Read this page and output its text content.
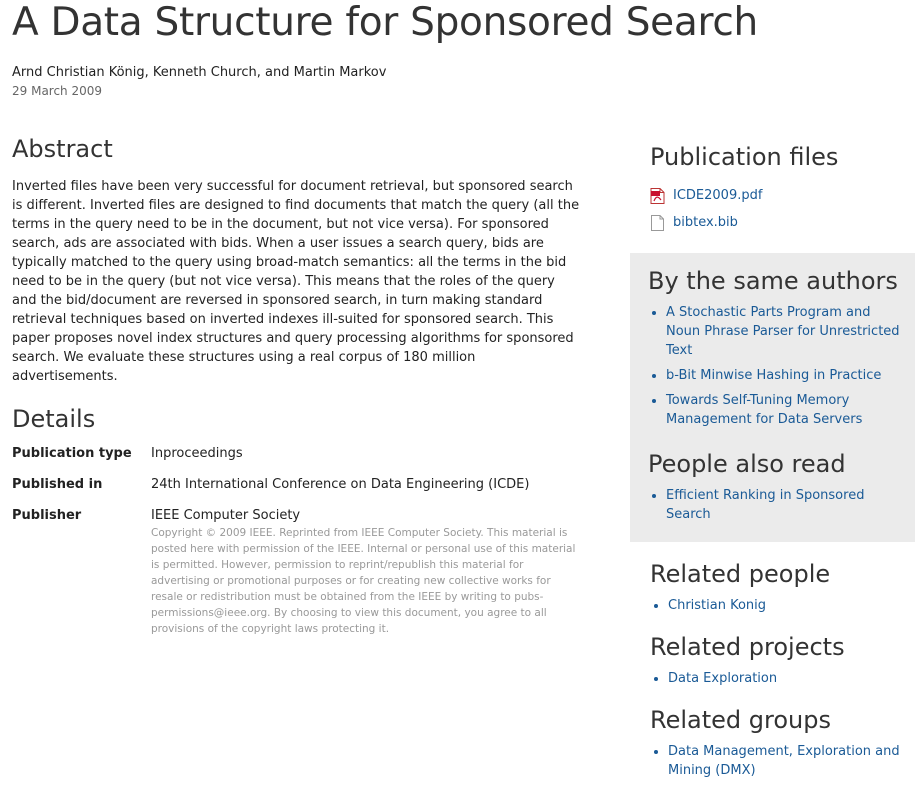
A Data Structure for Sponsored Search
Arnd Christian König, Kenneth Church, and Martin Markov
29 March 2009
Abstract

Inverted files have been very successful for document retrieval, but sponsored search is different. Inverted files are designed to find documents that match the query (all the terms in the query need to be in the document, but not vice versa). For sponsored search, ads are associated with bids. When a user issues a search query, bids are typically matched to the query using broad-match semantics: all the terms in the bid need to be in the query (but not vice versa). This means that the roles of the query and the bid/document are reversed in sponsored search, in turn making standard retrieval techniques based on inverted indexes ill-suited for sponsored search. This paper proposes novel index structures and query processing algorithms for sponsored search. We evaluate these structures using a real corpus of 180 million advertisements.

Details
Publication type	Inproceedings
Published in	24th International Conference on Data Engineering (ICDE)
Publisher	IEEE Computer Society
Copyright © 2009 IEEE. Reprinted from IEEE Computer Society. This material is posted here with permission of the IEEE. Internal or personal use of this material is permitted. However, permission to reprint/republish this material for advertising or promotional purposes or for creating new collective works for resale or redistribution must be obtained from the IEEE by writing to pubs-permissions@ieee.org. By choosing to view this document, you agree to all provisions of the copyright laws protecting it.
Publication files
ICDE2009.pdf
bibtex.bib
By the same authors
• A Stochastic Parts Program and Noun Phrase Parser for Unrestricted Text
• b-Bit Minwise Hashing in Practice
• Towards Self-Tuning Memory Management for Data Servers
People also read
• Efficient Ranking in Sponsored Search
Related people
• Christian Konig
Related projects
• Data Exploration
Related groups
• Data Management, Exploration and Mining (DMX)
